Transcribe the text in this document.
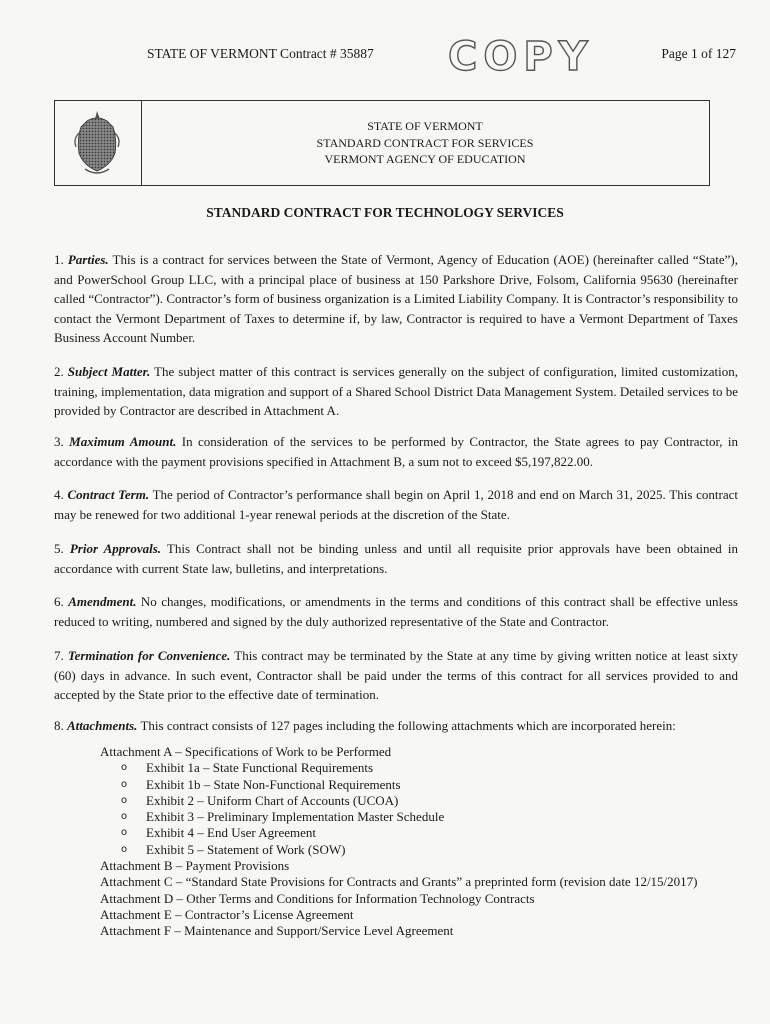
STATE OF VERMONT Contract # 35887 COPY	Page 1 of 127
STATE OF VERMONT
STANDARD CONTRACT FOR SERVICES
VERMONT AGENCY OF EDUCATION
STANDARD CONTRACT FOR TECHNOLOGY SERVICES
1. Parties. This is a contract for services between the State of Vermont, Agency of Education (AOE) (hereinafter called “State”), and PowerSchool Group LLC, with a principal place of business at 150 Parkshore Drive, Folsom, California 95630 (hereinafter called “Contractor”). Contractor’s form of business organization is a Limited Liability Company. It is Contractor’s responsibility to contact the Vermont Department of Taxes to determine if, by law, Contractor is required to have a Vermont Department of Taxes Business Account Number.
2. Subject Matter. The subject matter of this contract is services generally on the subject of configuration, limited customization, training, implementation, data migration and support of a Shared School District Data Management System. Detailed services to be provided by Contractor are described in Attachment A.
3. Maximum Amount. In consideration of the services to be performed by Contractor, the State agrees to pay Contractor, in accordance with the payment provisions specified in Attachment B, a sum not to exceed $5,197,822.00.
4. Contract Term. The period of Contractor’s performance shall begin on April 1, 2018 and end on March 31, 2025. This contract may be renewed for two additional 1-year renewal periods at the discretion of the State.
5. Prior Approvals. This Contract shall not be binding unless and until all requisite prior approvals have been obtained in accordance with current State law, bulletins, and interpretations.
6. Amendment. No changes, modifications, or amendments in the terms and conditions of this contract shall be effective unless reduced to writing, numbered and signed by the duly authorized representative of the State and Contractor.
7. Termination for Convenience. This contract may be terminated by the State at any time by giving written notice at least sixty (60) days in advance. In such event, Contractor shall be paid under the terms of this contract for all services provided to and accepted by the State prior to the effective date of termination.
8. Attachments. This contract consists of 127 pages including the following attachments which are incorporated herein:
Attachment A – Specifications of Work to be Performed
o Exhibit 1a – State Functional Requirements
o Exhibit 1b – State Non-Functional Requirements
o Exhibit 2 – Uniform Chart of Accounts (UCOA)
o Exhibit 3 – Preliminary Implementation Master Schedule
o Exhibit 4 – End User Agreement
o Exhibit 5 – Statement of Work (SOW)
Attachment B – Payment Provisions
Attachment C – “Standard State Provisions for Contracts and Grants” a preprinted form (revision date 12/15/2017)
Attachment D – Other Terms and Conditions for Information Technology Contracts
Attachment E – Contractor’s License Agreement
Attachment F – Maintenance and Support/Service Level Agreement
